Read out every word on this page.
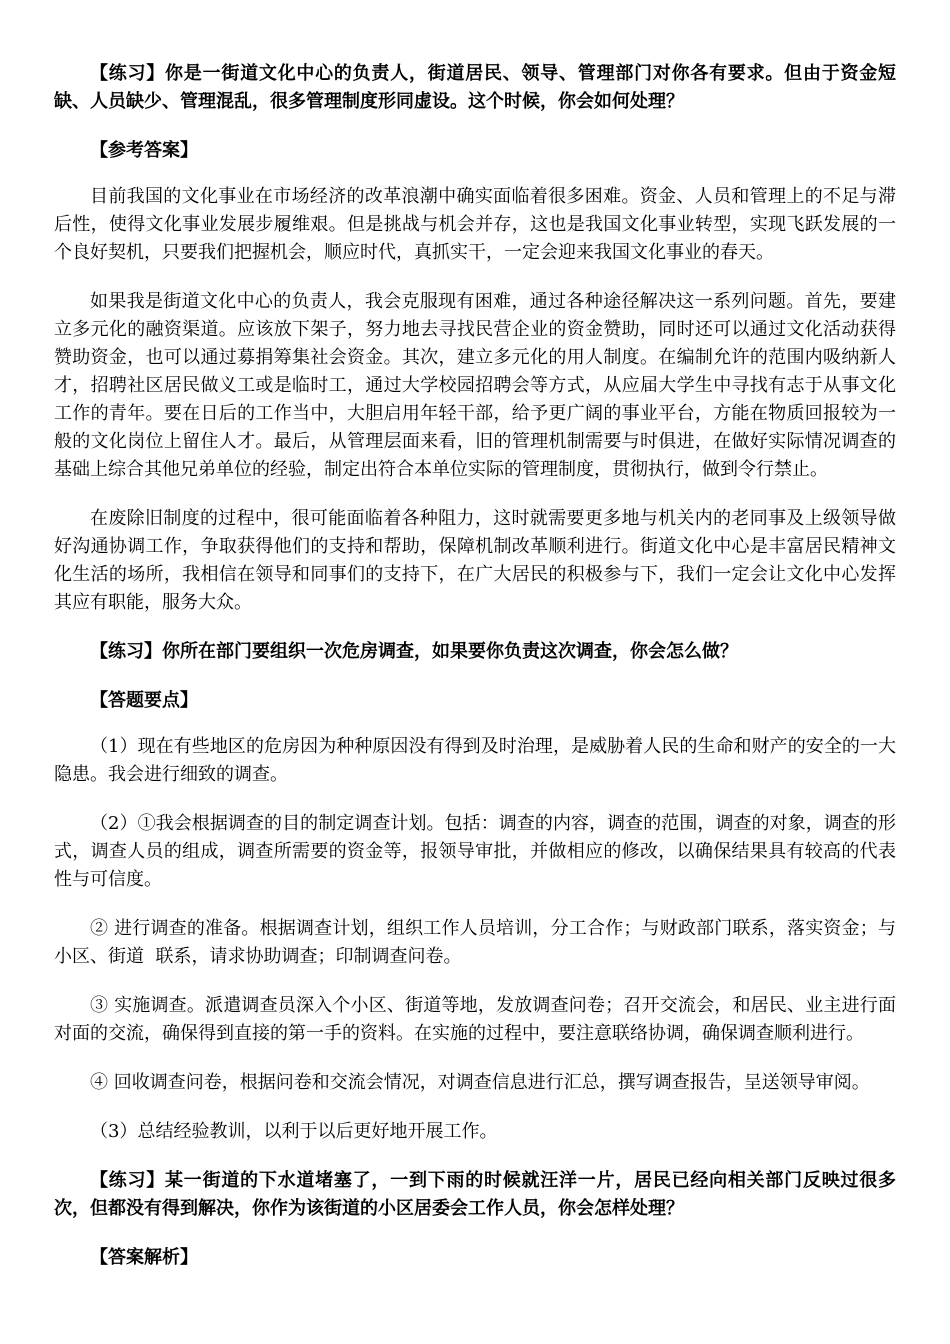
【练习】你是一街道文化中心的负责人，街道居民、领导、管理部门对你各有要求。但由于资金短缺、人员缺少、管理混乱，很多管理制度形同虚设。这个时候，你会如何处理？

【参考答案】

目前我国的文化事业在市场经济的改革浪潮中确实面临着很多困难。资金、人员和管理上的不足与滞后性，使得文化事业发展步履维艰。但是挑战与机会并存，这也是我国文化事业转型，实现飞跃发展的一个良好契机，只要我们把握机会，顺应时代，真抓实干，一定会迎来我国文化事业的春天。

如果我是街道文化中心的负责人，我会克服现有困难，通过各种途径解决这一系列问题。首先，要建立多元化的融资渠道。应该放下架子，努力地去寻找民营企业的资金赞助，同时还可以通过文化活动获得赞助资金，也可以通过募捐筹集社会资金。其次，建立多元化的用人制度。在编制允许的范围内吸纳新人才，招聘社区居民做义工或是临时工，通过大学校园招聘会等方式，从应届大学生中寻找有志于从事文化工作的青年。要在日后的工作当中，大胆启用年轻干部，给予更广阔的事业平台，方能在物质回报较为一般的文化岗位上留住人才。最后，从管理层面来看，旧的管理机制需要与时俱进，在做好实际情况调查的基础上综合其他兄弟单位的经验，制定出符合本单位实际的管理制度，贯彻执行，做到令行禁止。

在废除旧制度的过程中，很可能面临着各种阻力，这时就需要更多地与机关内的老同事及上级领导做好沟通协调工作，争取获得他们的支持和帮助，保障机制改革顺利进行。街道文化中心是丰富居民精神文化生活的场所，我相信在领导和同事们的支持下，在广大居民的积极参与下，我们一定会让文化中心发挥其应有职能，服务大众。

【练习】你所在部门要组织一次危房调查，如果要你负责这次调查，你会怎么做？

【答题要点】

（1）现在有些地区的危房因为种种原因没有得到及时治理，是威胁着人民的生命和财产的安全的一大隐患。我会进行细致的调查。

（2）①我会根据调查的目的制定调查计划。包括：调查的内容，调查的范围，调查的对象，调查的形式，调查人员的组成，调查所需要的资金等，报领导审批，并做相应的修改，以确保结果具有较高的代表性与可信度。

② 进行调查的准备。根据调查计划，组织工作人员培训，分工合作；与财政部门联系，落实资金；与小区、街道  联系，请求协助调查；印制调查问卷。

③ 实施调查。派遣调查员深入个小区、街道等地，发放调查问卷；召开交流会，和居民、业主进行面对面的交流，确保得到直接的第一手的资料。在实施的过程中，要注意联络协调，确保调查顺利进行。

④ 回收调查问卷，根据问卷和交流会情况，对调查信息进行汇总，撰写调查报告，呈送领导审阅。

（3）总结经验教训，以利于以后更好地开展工作。

【练习】某一街道的下水道堵塞了，一到下雨的时候就汪洋一片，居民已经向相关部门反映过很多次，但都没有得到解决，你作为该街道的小区居委会工作人员，你会怎样处理？

【答案解析】
